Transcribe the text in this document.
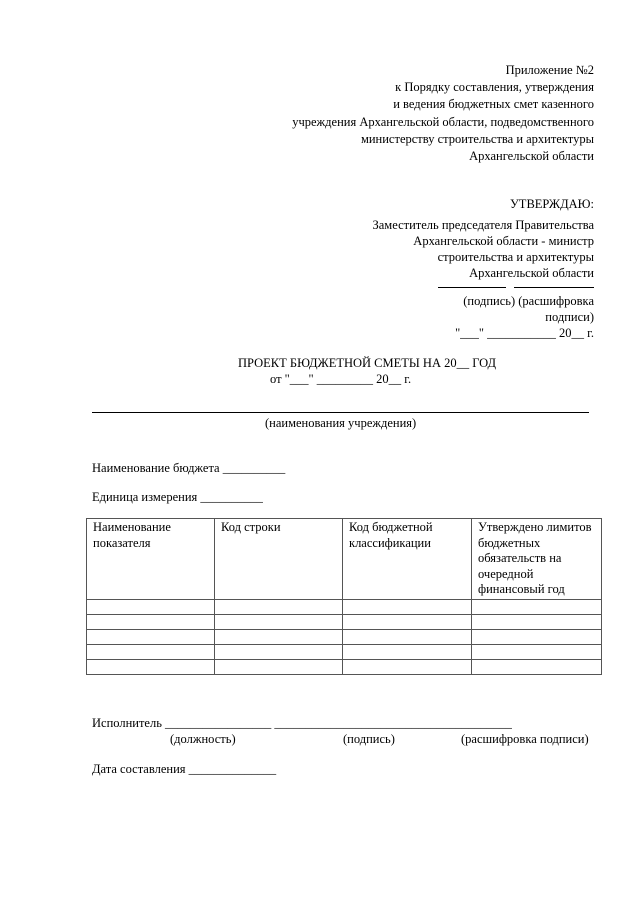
Приложение №2
к Порядку составления, утверждения
и ведения бюджетных смет казенного
учреждения Архангельской области, подведомственного
министерству строительства и архитектуры
Архангельской области
УТВЕРЖДАЮ:
Заместитель председателя Правительства
Архангельской области - министр
строительства и архитектуры
Архангельской области
(подпись) (расшифровка
подписи)
"___" ___________ 20__ г.
ПРОЕКТ БЮДЖЕТНОЙ СМЕТЫ НА 20__ ГОД
от "___" _________ 20__ г.
(наименования учреждения)
Наименование бюджета __________
Единица измерения __________
Наименование показателя	Код строки	Код бюджетной классификации	Утверждено лимитов бюджетных обязательств на очередной финансовый год

Исполнитель _________________ ______________________________________
(должность)	(подпись)	(расшифровка подписи)
Дата составления ______________
